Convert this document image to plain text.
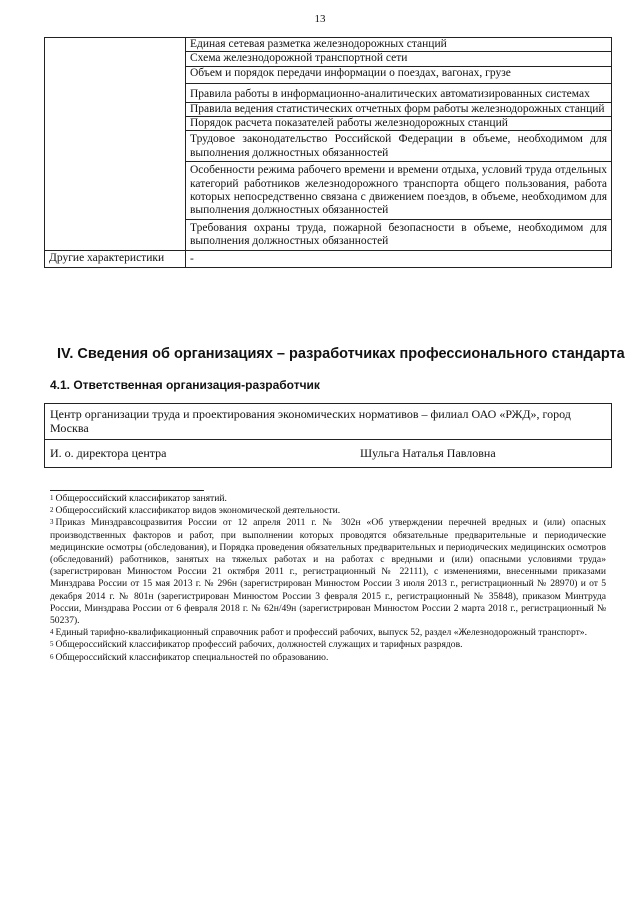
13
Единая сетевая разметка железнодорожных станций
Схема железнодорожной транспортной сети
Объем и порядок передачи информации о поездах, вагонах, грузе
Правила работы в информационно-аналитических автоматизированных системах
Правила ведения статистических отчетных форм работы железнодорожных станций
Порядок расчета показателей работы железнодорожных станций
Трудовое законодательство Российской Федерации в объеме, необходимом для выполнения должностных обязанностей
Особенности режима рабочего времени и времени отдыха, условий труда отдельных категорий работников железнодорожного транспорта общего пользования, работа которых непосредственно связана с движением поездов, в объеме, необходимом для выполнения должностных обязанностей
Требования охраны труда, пожарной безопасности в объеме, необходимом для выполнения должностных обязанностей
Другие характеристики	-
IV. Сведения об организациях – разработчиках профессионального стандарта
4.1. Ответственная организация-разработчик
Центр организации труда и проектирования экономических нормативов – филиал ОАО «РЖД», город Москва
И. о. директора центра	Шульга Наталья Павловна

$^1$ Общероссийский классификатор занятий.

$^2$ Общероссийский классификатор видов экономической деятельности.

$^3$ Приказ Минздравсоцразвития России от 12 апреля 2011 г. № 302н «Об утверждении перечней вредных и (или) опасных производственных факторов и работ, при выполнении которых проводятся обязательные предварительные и периодические медицинские осмотры (обследования), и Порядка проведения обязательных предварительных и периодических медицинских осмотров (обследований) работников, занятых на тяжелых работах и на работах с вредными и (или) опасными условиями труда» (зарегистрирован Минюстом России 21 октября 2011 г., регистрационный № 22111), с изменениями, внесенными приказами Минздрава России от 15 мая 2013 г. № 296н (зарегистрирован Минюстом России 3 июля 2013 г., регистрационный № 28970) и от 5 декабря 2014 г. № 801н (зарегистрирован Минюстом России 3 февраля 2015 г., регистрационный № 35848), приказом Минтруда России, Минздрава России от 6 февраля 2018 г. № 62н/49н (зарегистрирован Минюстом России 2 марта 2018 г., регистрационный № 50237).

$^4$ Единый тарифно-квалификационный справочник работ и профессий рабочих, выпуск 52, раздел «Железнодорожный транспорт».

$^5$ Общероссийский классификатор профессий рабочих, должностей служащих и тарифных разрядов.

$^6$ Общероссийский классификатор специальностей по образованию.
